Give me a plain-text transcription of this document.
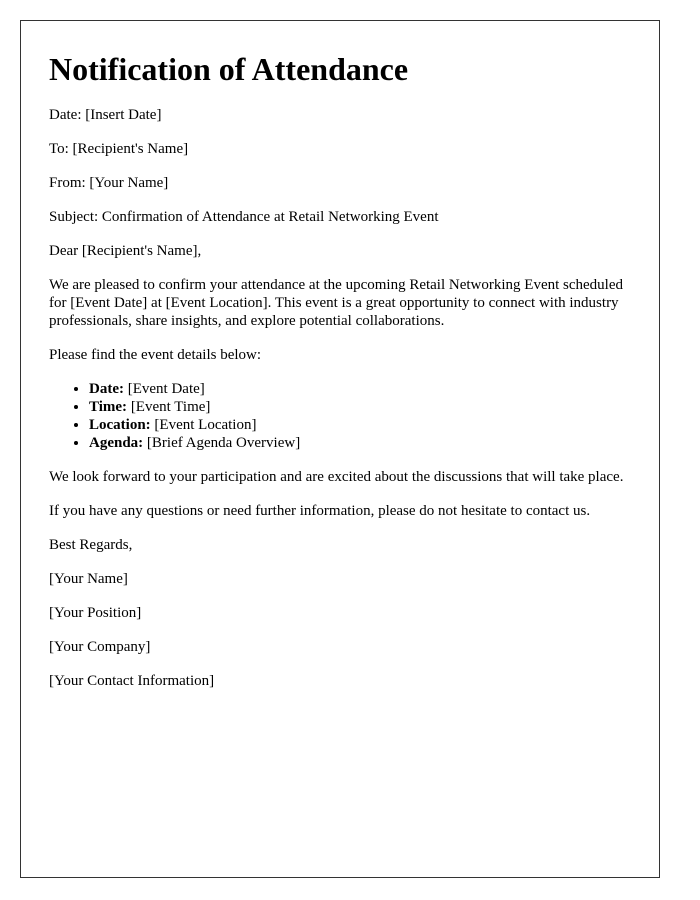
Notification of Attendance

Date: [Insert Date]

To: [Recipient's Name]

From: [Your Name]

Subject: Confirmation of Attendance at Retail Networking Event

Dear [Recipient's Name],

We are pleased to confirm your attendance at the upcoming Retail Networking Event scheduled for [Event Date] at [Event Location]. This event is a great opportunity to connect with industry professionals, share insights, and explore potential collaborations.

Please find the event details below:

• Date: [Event Date]
• Time: [Event Time]
• Location: [Event Location]
• Agenda: [Brief Agenda Overview]

We look forward to your participation and are excited about the discussions that will take place.

If you have any questions or need further information, please do not hesitate to contact us.

Best Regards,

[Your Name]

[Your Position]

[Your Company]

[Your Contact Information]
